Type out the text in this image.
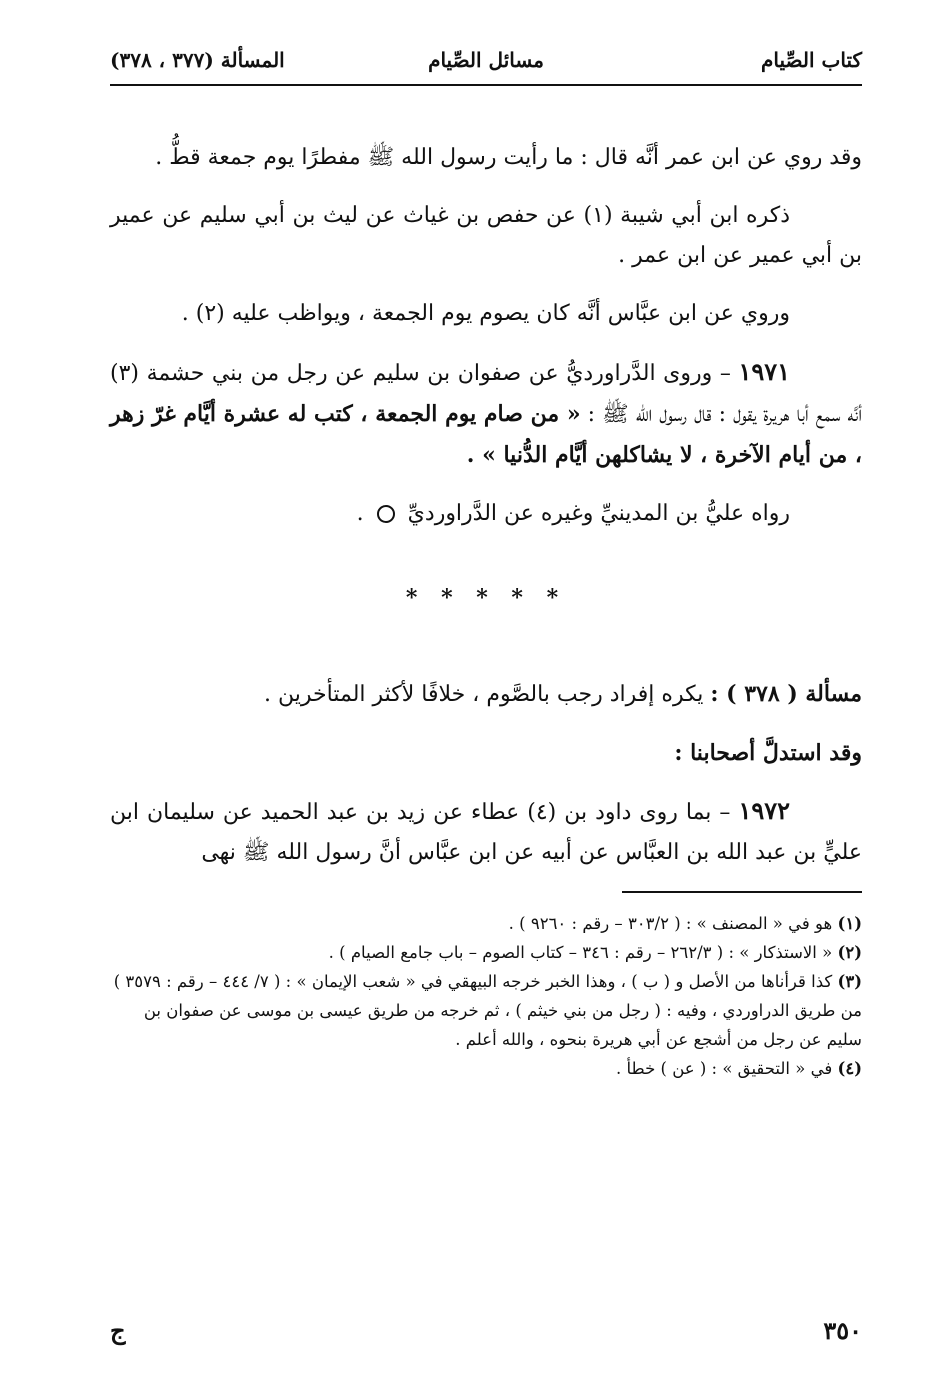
كتاب الصِّيام
مسائل الصِّيام
المسألة (٣٧٧ ، ٣٧٨)

وقد روي عن ابن عمر أنَّه قال : ما رأيت رسول الله ﷺ مفطرًا يوم جمعة قطُّ .

ذكره ابن أبي شيبة (١) عن حفص بن غياث عن ليث بن أبي سليم عن عمير بن أبي عمير عن ابن عمر .

وروي عن ابن عبَّاس أنَّه كان يصوم يوم الجمعة ، ويواظب عليه (٢) .

١٩٧١ – وروى الدَّراورديُّ عن صفوان بن سليم عن رجل من بني حشمة (٣) أنَّه سمع أبا هريرة يقول : قال رسول الله ﷺ : « من صام يوم الجمعة ، كتب له عشرة أيَّام غرّ زهر ، من أيام الآخرة ، لا يشاكلهن أيَّام الدُّنيا » .

رواه عليُّ بن المدينيِّ وغيره عن الدَّراورديِّ  .

* * * * *

مسألة ( ٣٧٨ ) : يكره إفراد رجب بالصَّوم ، خلافًا لأكثر المتأخرين .

وقد استدلَّ أصحابنا :

١٩٧٢ – بما روى داود بن (٤) عطاء عن زيد بن عبد الحميد عن سليمان ابن عليٍّ بن عبد الله بن العبَّاس عن أبيه عن ابن عبَّاس أنَّ رسول الله ﷺ نهى

(١) هو في « المصنف » : ( ٣٠٣/٢ – رقم : ٩٢٦٠ ) .

(٢) « الاستذكار » : ( ٢٦٢/٣ – رقم : ٣٤٦ – كتاب الصوم – باب جامع الصيام ) .

(٣) كذا قرأناها من الأصل و ( ب ) ، وهذا الخبر خرجه البيهقي في « شعب الإيمان » : ( ٧/ ٤٤٤ – رقم : ٣٥٧٩ ) من طريق الدراوردي ، وفيه : ( رجل من بني خيثم ) ، ثم خرجه من طريق عيسى بن موسى عن صفوان بن سليم عن رجل من أشجع عن أبي هريرة بنحوه ، والله أعلم .

(٤) في « التحقيق » : ( عن ) خطأ .

٣٥٠
ج
